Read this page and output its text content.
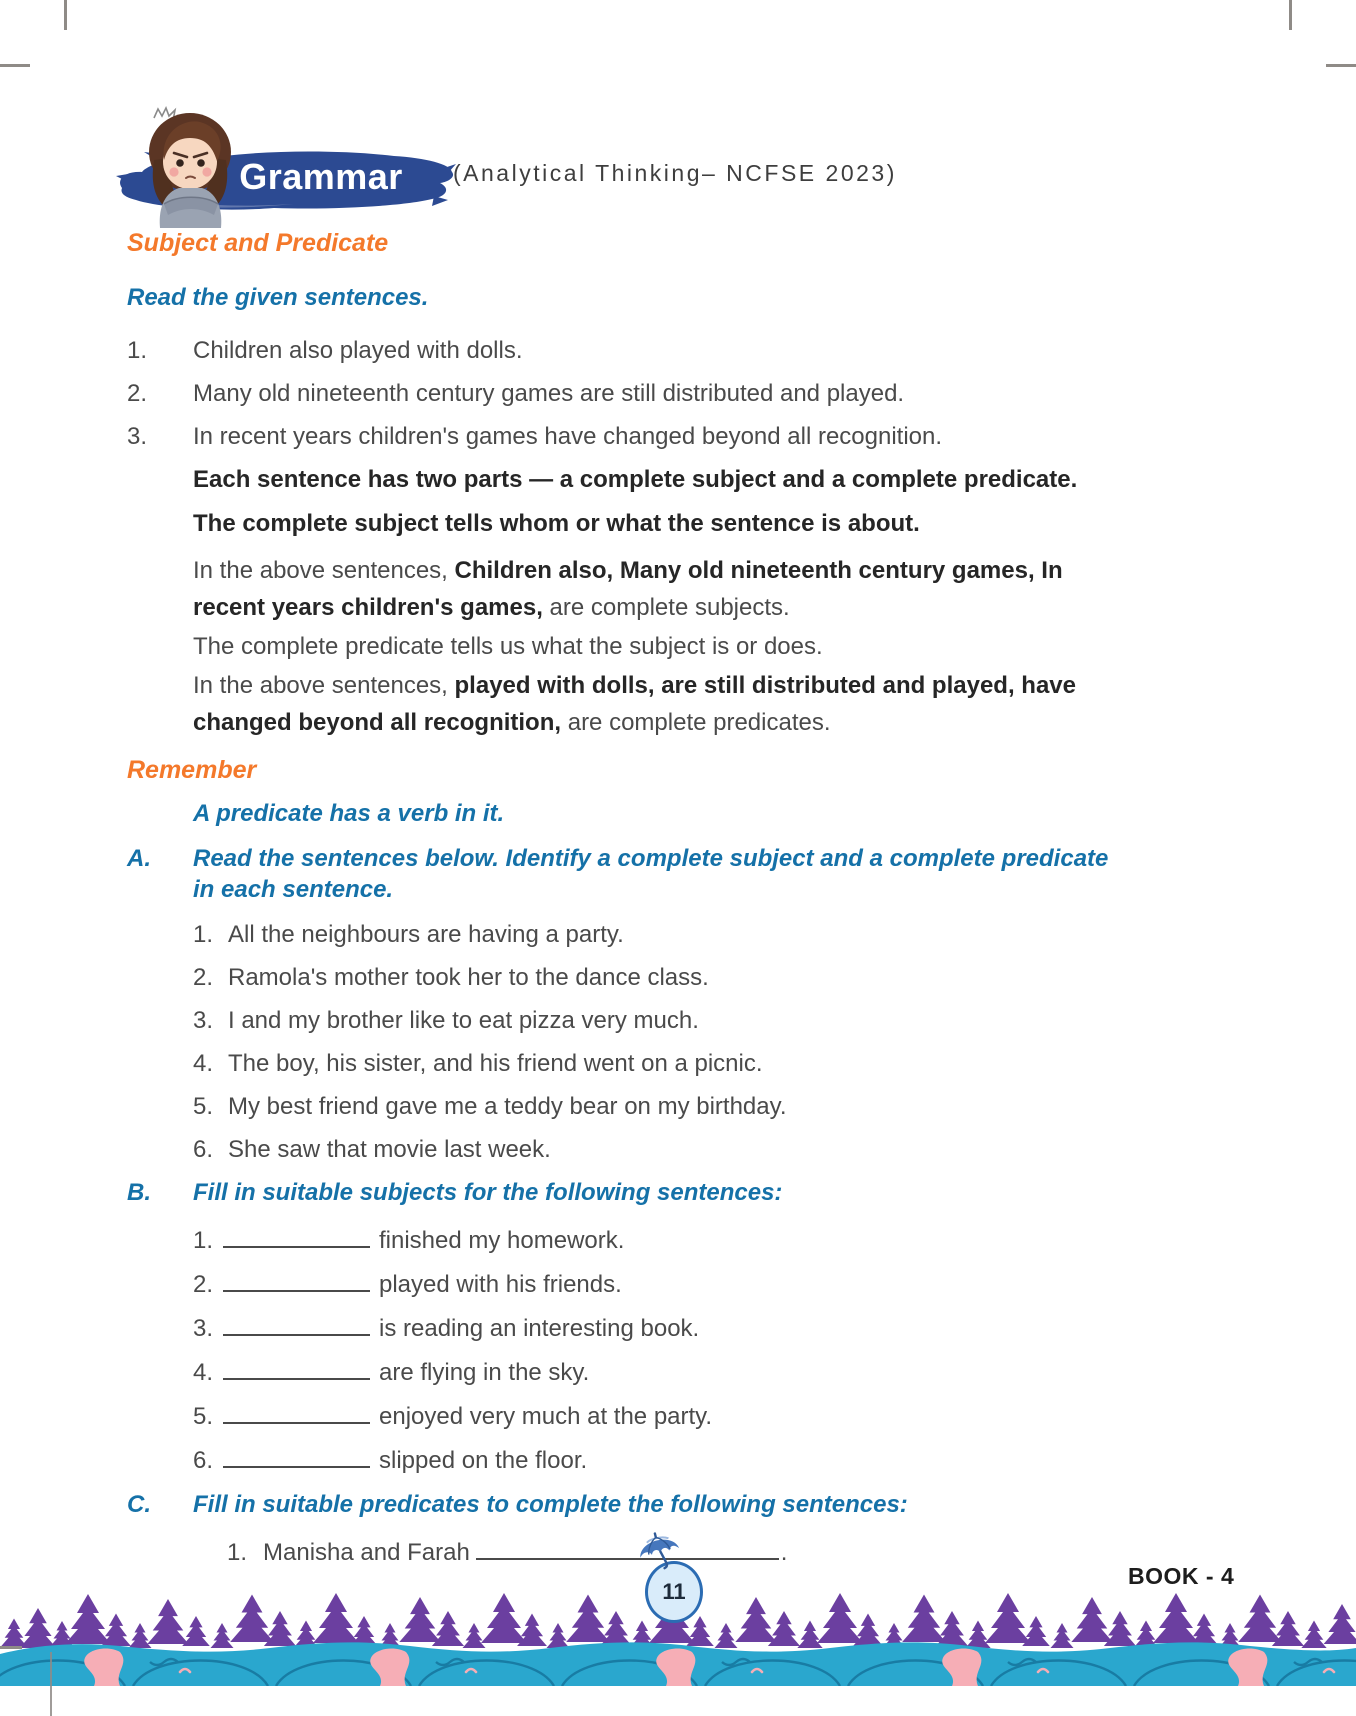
Grammar (Analytical Thinking– NCFSE 2023)
Subject and Predicate
Read the given sentences.
1.	Children also played with dolls.
2.	Many old nineteenth century games are still distributed and played.
3.	In recent years children's games have changed beyond all recognition.

Each sentence has two parts — a complete subject and a complete predicate.

The complete subject tells whom or what the sentence is about.

In the above sentences, Children also, Many old nineteenth century games, In recent years children's games, are complete subjects.

The complete predicate tells us what the subject is or does.

In the above sentences, played with dolls, are still distributed and played, have changed beyond all recognition, are complete predicates.

Remember

A predicate has a verb in it.

A.	Read the sentences below. Identify a complete subject and a complete predicate in each sentence.
1. All the neighbours are having a party.
2. Ramola's mother took her to the dance class.
3. I and my brother like to eat pizza very much.
4. The boy, his sister, and his friend went on a picnic.
5. My best friend gave me a teddy bear on my birthday.
6. She saw that movie last week.
B.	Fill in suitable subjects for the following sentences:
1.	finished my homework.
2.	played with his friends.
3.	is reading an interesting book.
4.	are flying in the sky.
5.	enjoyed very much at the party.
6.	slipped on the floor.
C.	Fill in suitable predicates to complete the following sentences:
1. Manisha and Farah	.
BOOK - 4
11
